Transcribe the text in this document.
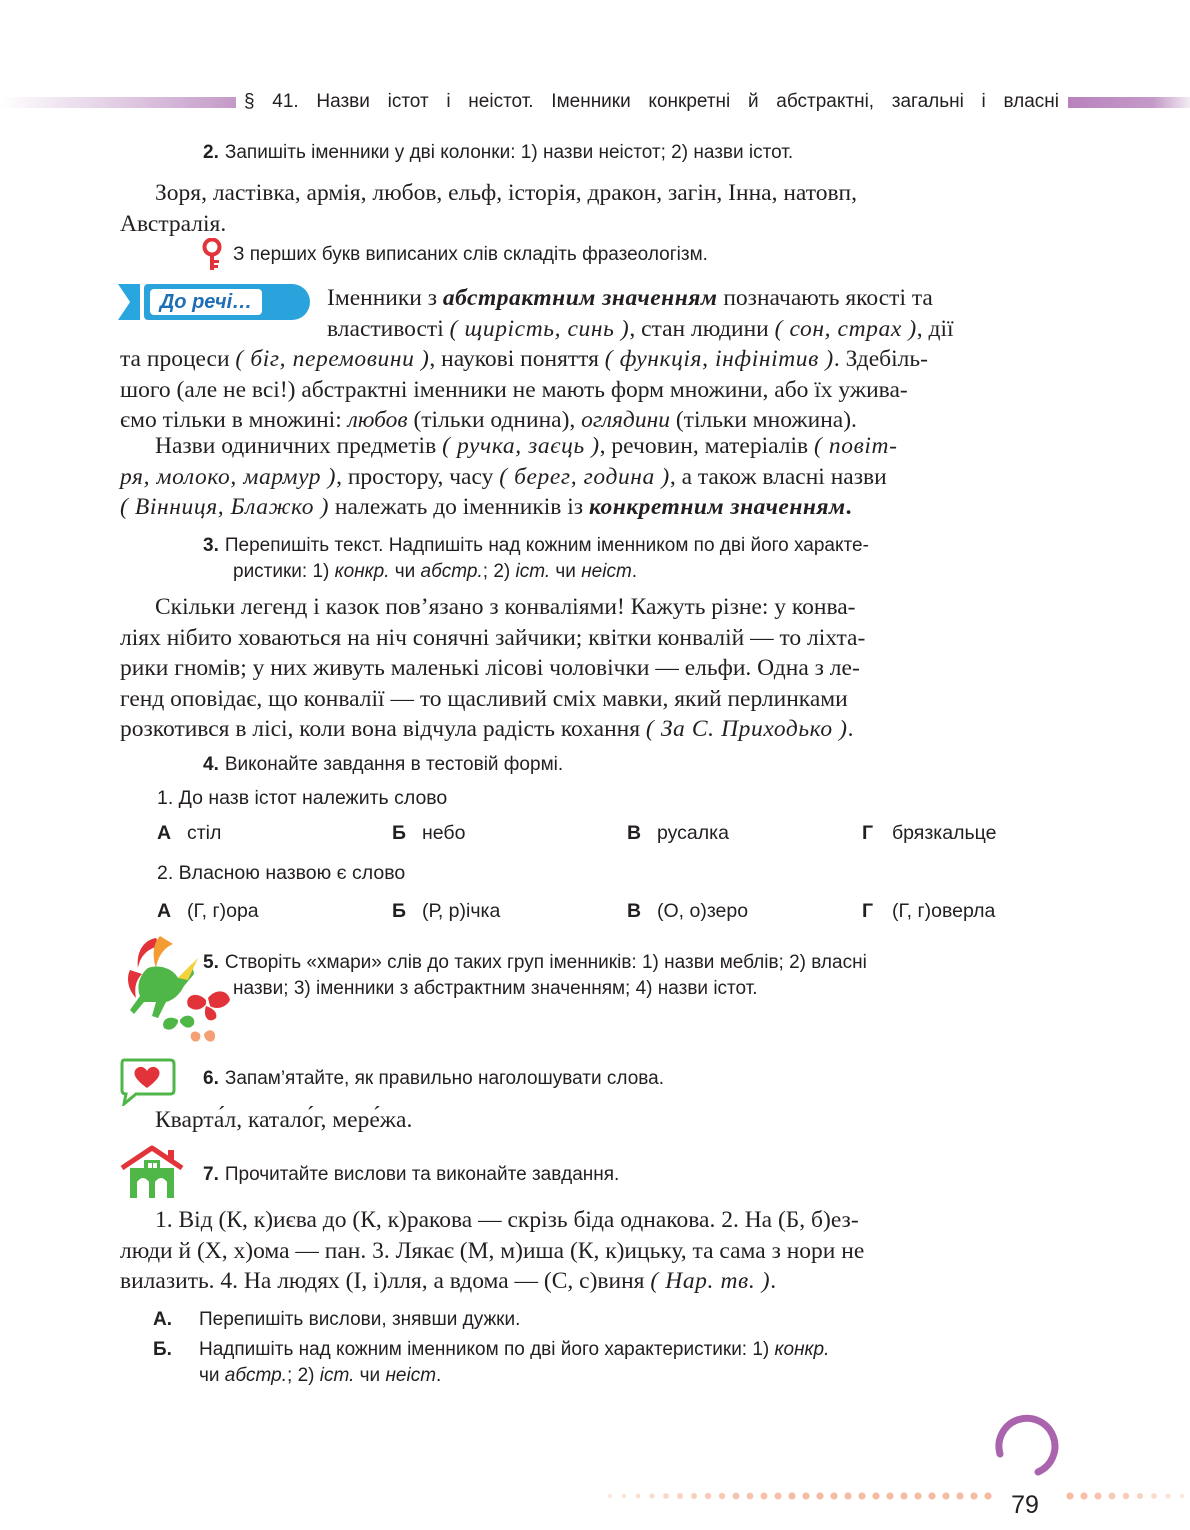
§ 41. Назви істот і неістот. Іменники конкретні й абстрактні, загальні і власні
2. Запишіть іменники у дві колонки: 1) назви неістот; 2) назви істот.
Зоря, ластівка, армія, любов, ельф, історія, дракон, загін, Інна, натовп,
Австралія.
З перших букв виписаних слів складіть фразеологізм.
До речі…	Іменники з абстрактним значенням позначають якості та
властивості ( щирість, синь ), стан людини ( сон, страх ), дії
та процеси ( біг, перемовини ), наукові поняття ( функція, інфінітив ). Здебіль-
шого (але не всі!) абстрактні іменники не мають форм множини, або їх ужива-
ємо тільки в множині: любов (тільки однина), оглядини (тільки множина).
Назви одиничних предметів ( ручка, заєць ), речовин, матеріалів ( повіт-
ря, молоко, мармур ), простору, часу ( берег, година ), а також власні назви
( Вінниця, Блажко ) належать до іменників із конкретним значенням.
3. Перепишіть текст. Надпишіть над кожним іменником по дві його характе-
ристики: 1) конкр. чи абстр.; 2) іст. чи неіст.
Скільки легенд і казок пов’язано з конваліями! Кажуть різне: у конва-
ліях нібито ховаються на ніч сонячні зайчики; квітки конвалій — то ліхта-
рики гномів; у них живуть маленькі лісові чоловічки — ельфи. Одна з ле-
генд оповідає, що конвалії — то щасливий сміх мавки, який перлинками
розкотився в лісі, коли вона відчула радість кохання ( За С. Приходько ).
4. Виконайте завдання в тестовій формі.
1. До назв істот належить слово
А стіл	Б небо	В русалка	Г брязкальце
2. Власною назвою є слово
А (Г, г)ора	Б (Р, р)ічка	В (О, о)зеро	Г (Г, г)оверла
5. Створіть «хмари» слів до таких груп іменників: 1) назви меблів; 2) власні
назви; 3) іменники з абстрактним значенням; 4) назви істот.
6. Запам’ятайте, як правильно наголошувати слова.
Кварта́л, катало́г, мере́жа.
7. Прочитайте вислови та виконайте завдання.
1. Від (К, к)иєва до (К, к)ракова — скрізь біда однакова. 2. На (Б, б)ез-
люди й (Х, х)ома — пан. 3. Лякає (М, м)иша (К, к)ицьку, та сама з нори не
вилазить. 4. На людях (І, і)лля, а вдома — (С, с)виня ( Нар. тв. ).
А. Перепишіть вислови, знявши дужки.
Б. Надпишіть над кожним іменником по дві його характеристики: 1) конкр.
чи абстр.; 2) іст. чи неіст.
79
